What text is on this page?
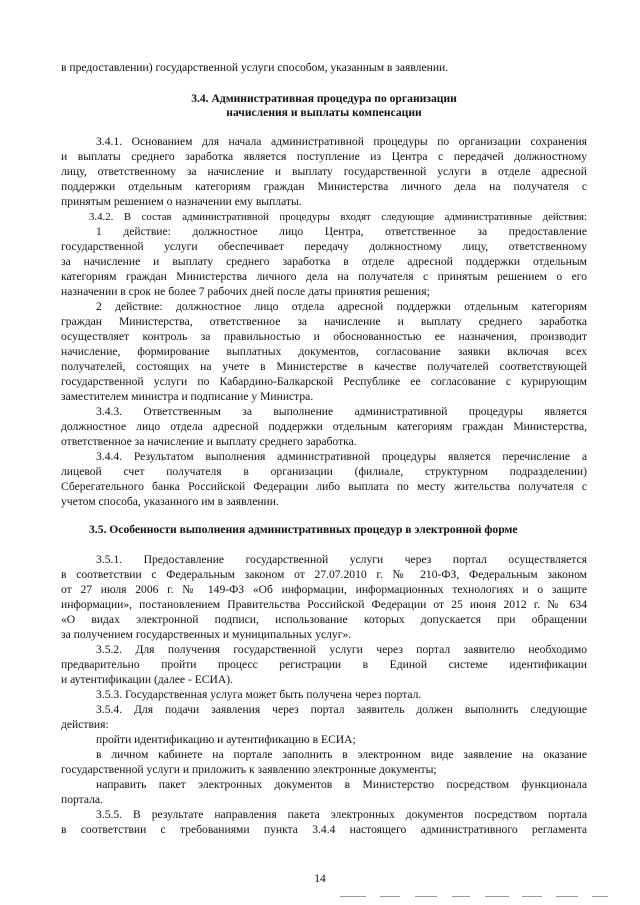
в предоставлении) государственной услуги способом, указанным в заявлении.

3.4. Административная процедура по организации

начисления и выплаты компенсации

3.4.1. Основанием для начала административной процедуры по организации сохранения

и выплаты среднего заработка является поступление из Центра с передачей должностному

лицу, ответственному за начисление и выплату государственной услуги в отделе адресной

поддержки отдельным категориям граждан Министерства личного дела на получателя с

принятым решением о назначении ему выплаты.

3.4.2. В состав административной процедуры входят следующие административные действия:

1 действие: должностное лицо Центра, ответственное за предоставление

государственной услуги обеспечивает передачу должностному лицу, ответственному

за начисление и выплату среднего заработка в отделе адресной поддержки отдельным

категориям граждан Министерства личного дела на получателя с принятым решением о его

назначении в срок не более 7 рабочих дней после даты принятия решения;

2 действие: должностное лицо отдела адресной поддержки отдельным категориям

граждан Министерства, ответственное за начисление и выплату среднего заработка

осуществляет контроль за правильностью и обоснованностью ее назначения, производит

начисление, формирование выплатных документов, согласование заявки включая всех

получателей, состоящих на учете в Министерстве в качестве получателей соответствующей

государственной услуги по Кабардино-Балкарской Республике ее согласование с курирующим

заместителем министра и подписание у Министра.

3.4.3. Ответственным за выполнение административной процедуры является

должностное лицо отдела адресной поддержки отдельным категориям граждан Министерства,

ответственное за начисление и выплату среднего заработка.

3.4.4. Результатом выполнения административной процедуры является перечисление а

лицевой счет получателя в организации (филиале, структурном подразделении)

Сберегательного банка Российской Федерации либо выплата по месту жительства получателя с

учетом способа, указанного им в заявлении.

3.5. Особенности выполнения административных процедур в электронной форме

3.5.1. Предоставление государственной услуги через портал осуществляется

в соответствии с Федеральным законом от 27.07.2010 г. № 210-ФЗ, Федеральным законом

от 27 июля 2006 г. № 149-ФЗ «Об информации, информационных технологиях и о защите

информации», постановлением Правительства Российской Федерации от 25 июня 2012 г. № 634

«О видах электронной подписи, использование которых допускается при обращении

за получением государственных и муниципальных услуг».

3.5.2. Для получения государственной услуги через портал заявителю необходимо

предварительно пройти процесс регистрации в Единой системе идентификации

и аутентификации (далее - ЕСИА).

3.5.3. Государственная услуга может быть получена через портал.

3.5.4. Для подачи заявления через портал заявитель должен выполнить следующие

действия:

пройти идентификацию и аутентификацию в ЕСИА;

в личном кабинете на портале заполнить в электронном виде заявление на оказание

государственной услуги и приложить к заявлению электронные документы;

направить пакет электронных документов в Министерство посредством функционала

портала.

3.5.5. В результате направления пакета электронных документов посредством портала

в соответствии с требованиями пункта 3.4.4 настоящего административного регламента

14
